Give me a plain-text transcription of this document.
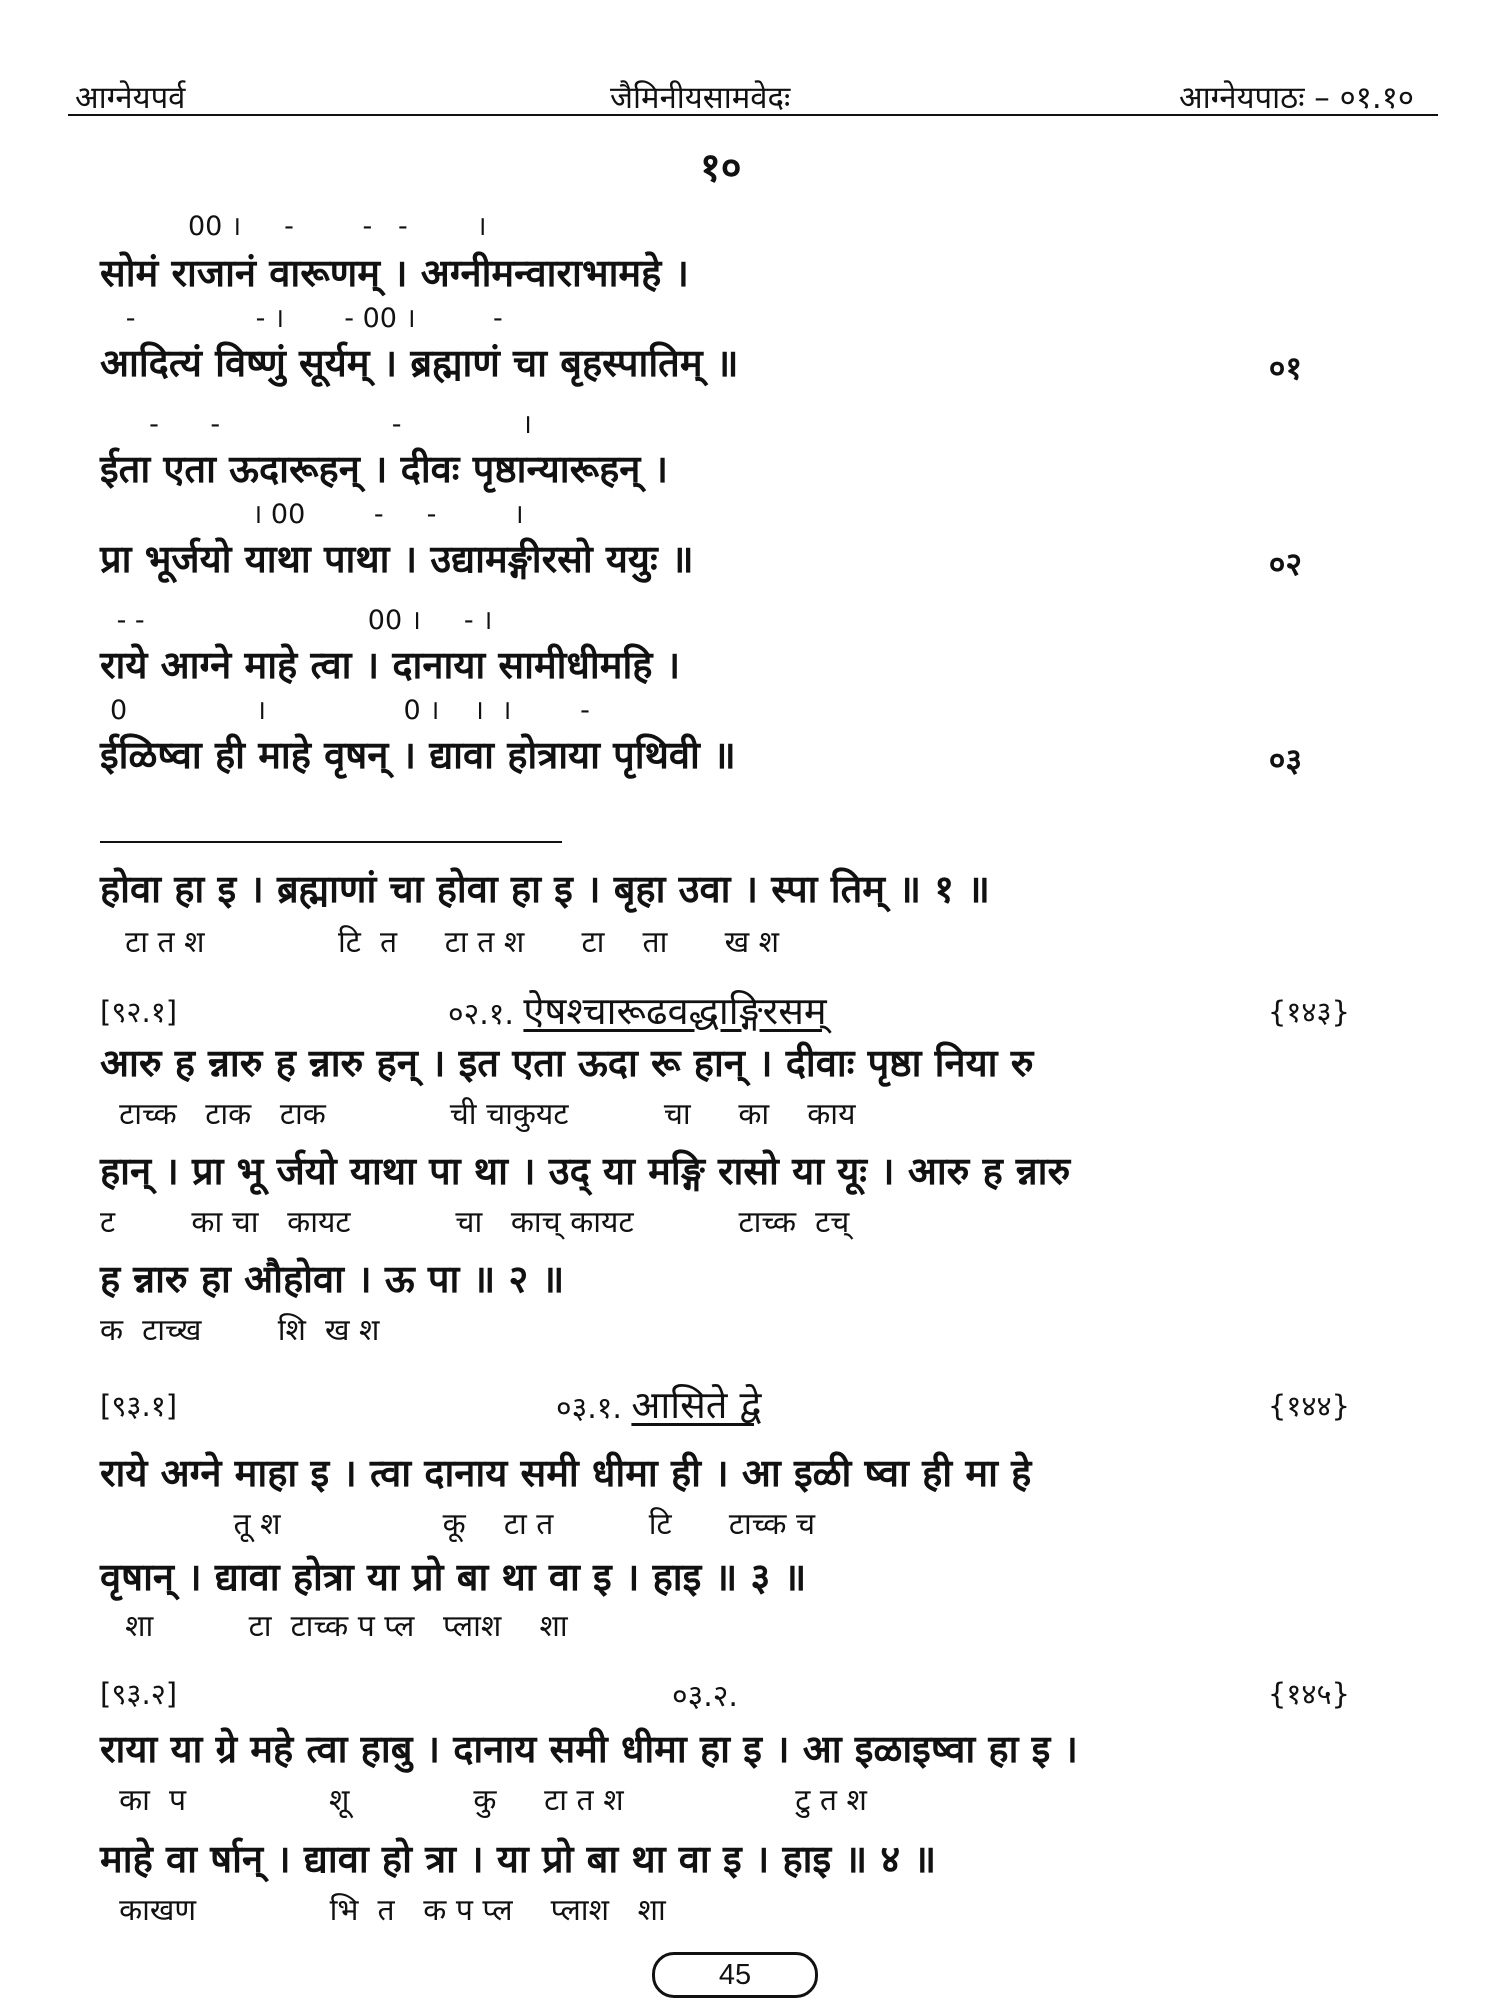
आग्नेयपर्व	जैमिनीयसामवेदः	आग्नेयपाठः – ०१.१०
१०
00 ।     -        -   -        ।
सोमं राजानं वारूणम् । अग्नीमन्वाराभामहे ।
-              - ।       - 00 ।         -
आदित्यं विष्णुं सूर्यम् । ब्रह्माणं चा बृहस्पातिम् ॥	०१
-      -                    -              ।
ईता एता ऊदारूहन् । दीवः पृष्ठान्यारूहन् ।
। 00        -     -         ।
प्रा भूर्जयो याथा पाथा । उद्यामङ्गीरसो ययुः ॥	०२
- -                          00 ।     - ।
राये आग्ने माहे त्वा । दानाया सामीधीमहि ।
0               ।                0 ।    ।  ।        -
ईळिष्वा ही माहे वृषन् । द्यावा होत्राया पृथिवी ॥	०३
होवा हा इ । ब्रह्माणां चा होवा हा इ । बृहा उवा । स्पा तिम् ॥ १ ॥
टा त श              टि  त     टा त श      टा    ता      ख श
[९२.१]	०२.१. ऐषश्चारूढवद्धाङ्गिरसम्	{१४३}
आरु ह न्नारु ह न्नारु हन् । इत एता ऊदा रू हान् । दीवाः पृष्ठा निया रु
टाच्क   टाक   टाक             ची चाकुयट          चा     का    काय
हान् । प्रा भू र्जयो याथा पा था । उद् या मङ्गि रासो या यूः । आरु ह न्नारु
ट        का चा   कायट           चा   काच् कायट           टाच्क  टच्
ह न्नारु हा औहोवा । ऊ पा ॥ २ ॥
क  टाच्ख        शि  ख श
[९३.१]	०३.१. आसिते द्वे	{१४४}
राये अग्ने माहा इ । त्वा दानाय समी धीमा ही । आ इळी ष्वा ही मा हे
तू श                 कू    टा त          टि      टाच्क च
वृषान् । द्यावा होत्रा या प्रो बा था वा इ । हाइ ॥ ३ ॥
शा          टा  टाच्क प प्ल   प्लाश    शा
[९३.२]	०३.२.	{१४५}
राया या ग्रे महे त्वा हाबु । दानाय समी धीमा हा इ । आ इळाइष्वा हा इ ।
का  प               शू             कु     टा त श                  टु त श
माहे वा र्षान् । द्यावा हो त्रा । या प्रो बा था वा इ । हाइ ॥ ४ ॥
काखण              भि  त   क प प्ल    प्लाश   शा
45
